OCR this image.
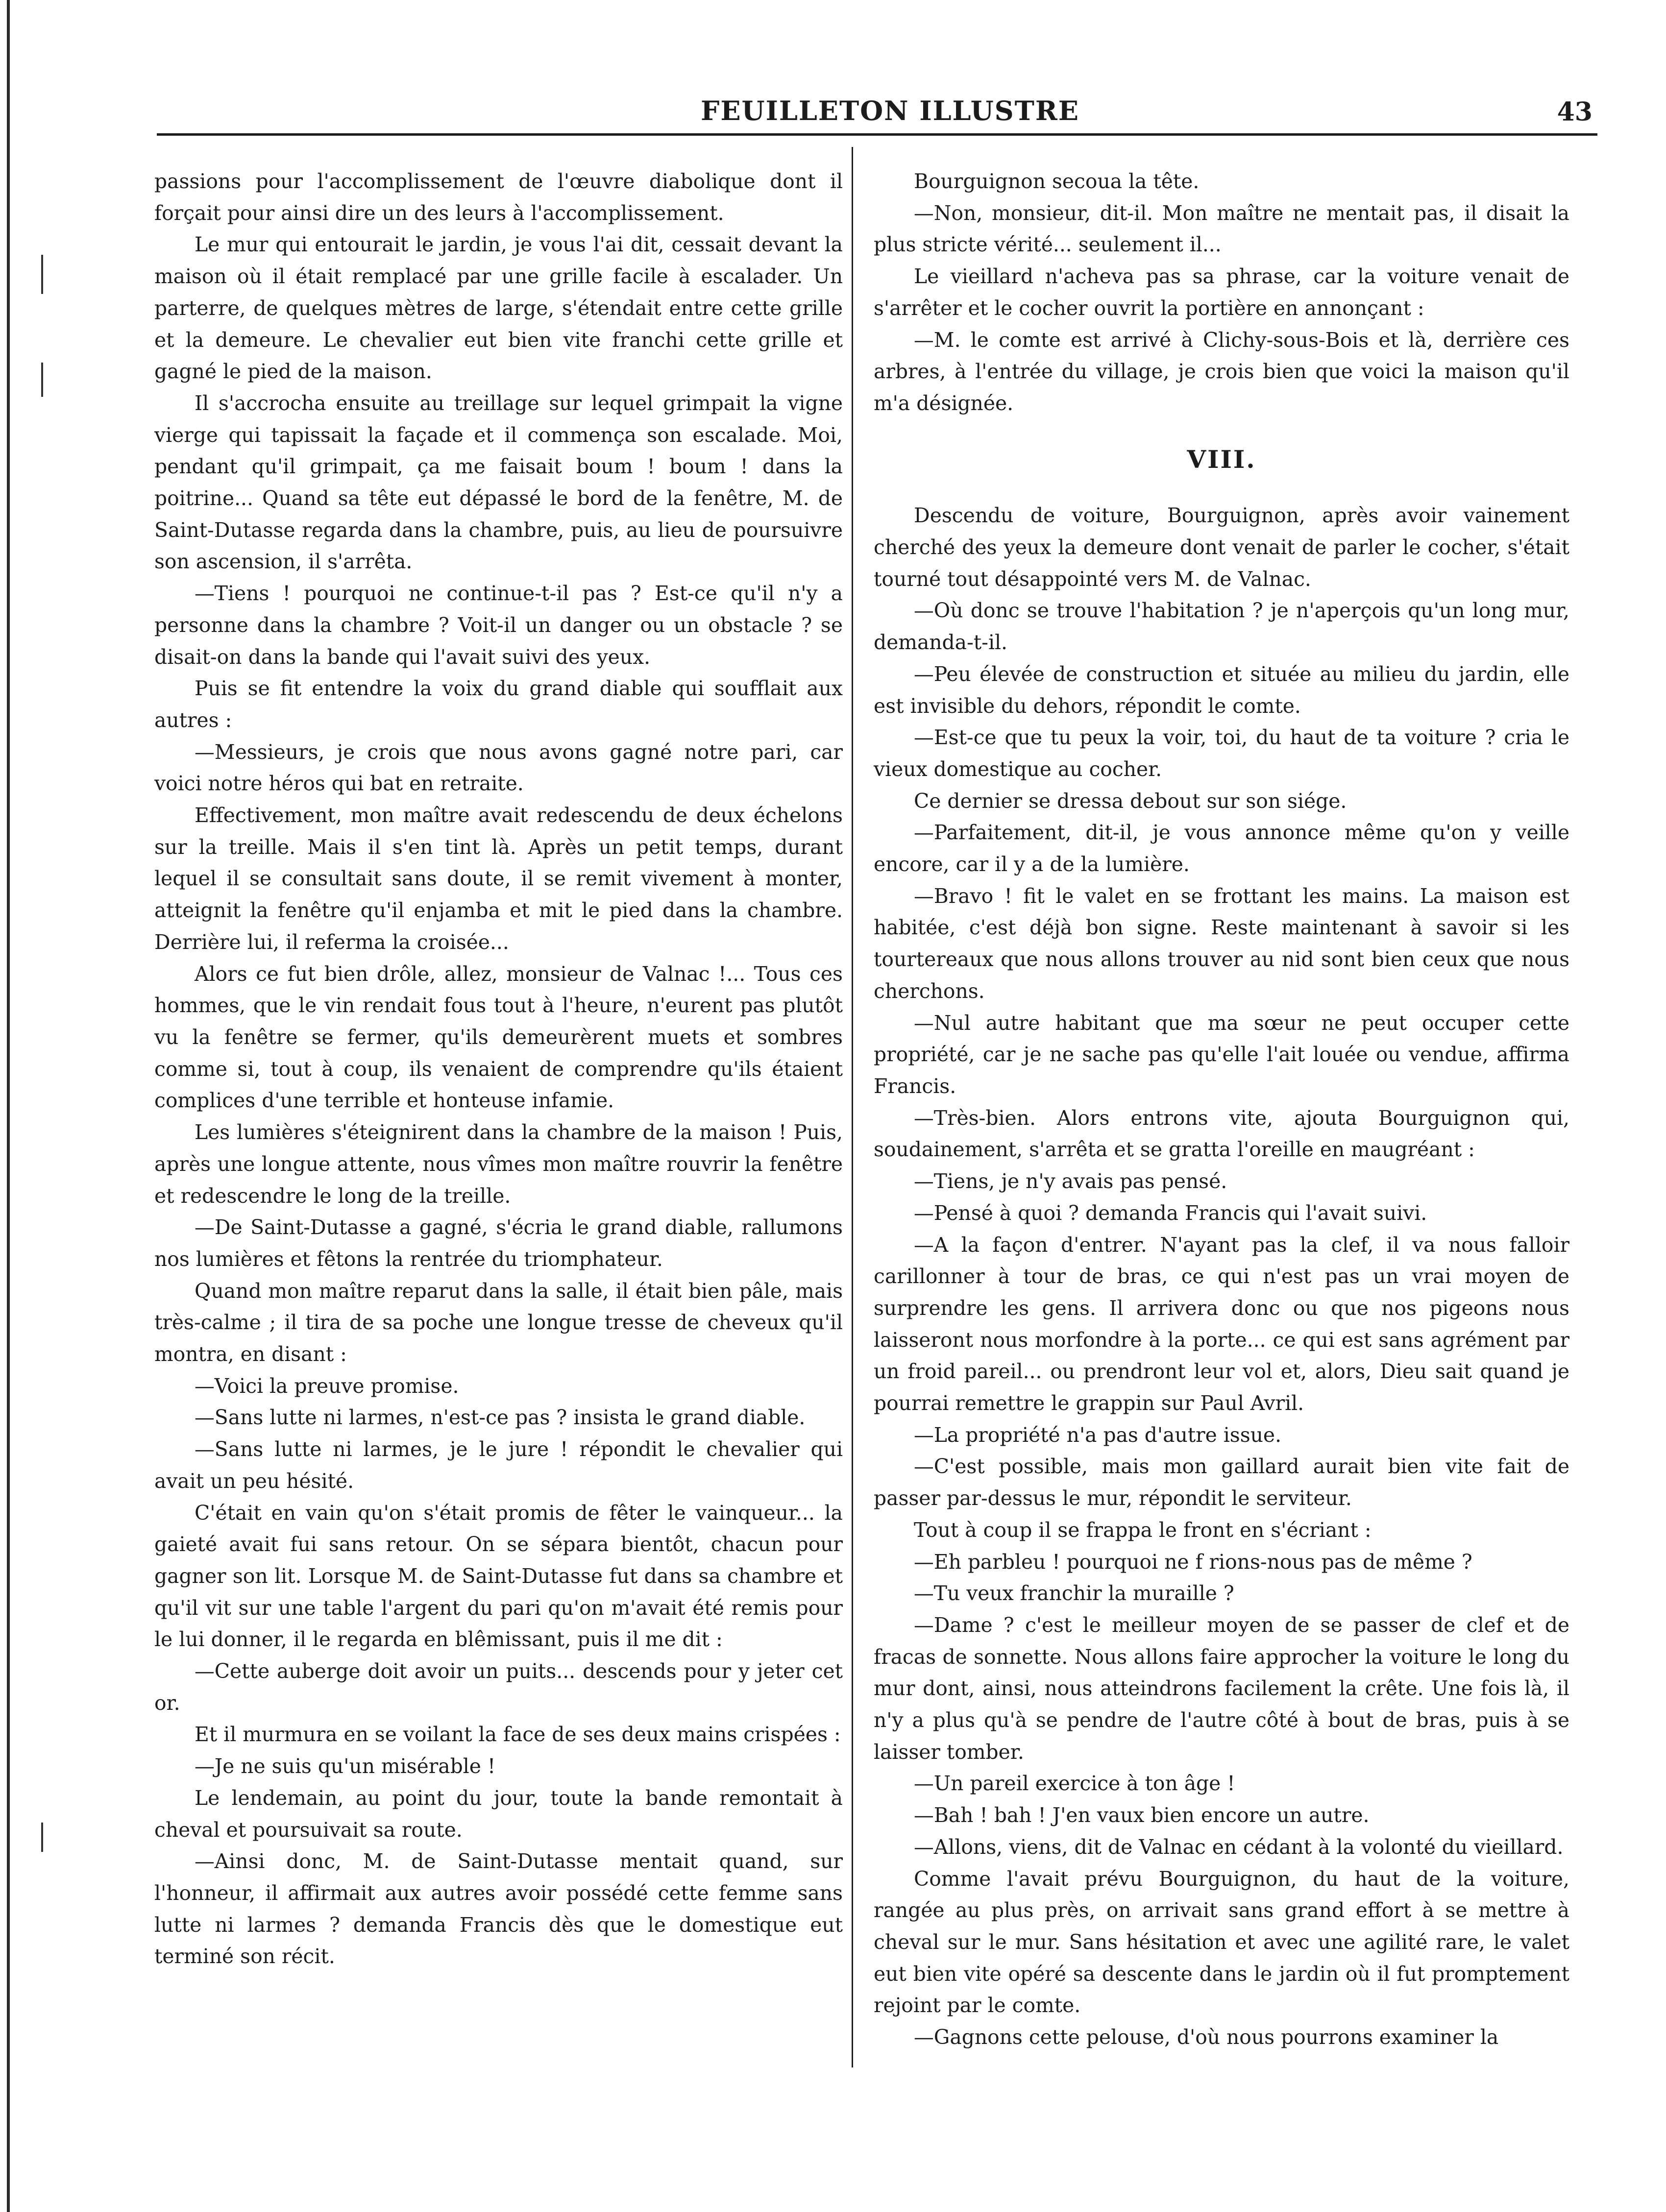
FEUILLETON ILLUSTRE	43

passions pour l'accomplissement de l'œuvre diabolique dont il forçait pour ainsi dire un des leurs à l'accomplissement.

Le mur qui entourait le jardin, je vous l'ai dit, cessait devant la maison où il était remplacé par une grille facile à escalader. Un parterre, de quelques mètres de large, s'étendait entre cette grille et la demeure. Le chevalier eut bien vite franchi cette grille et gagné le pied de la maison.

Il s'accrocha ensuite au treillage sur lequel grimpait la vigne vierge qui tapissait la façade et il commença son escalade. Moi, pendant qu'il grimpait, ça me faisait boum ! boum ! dans la poitrine... Quand sa tête eut dépassé le bord de la fenêtre, M. de Saint-Dutasse regarda dans la chambre, puis, au lieu de poursuivre son ascension, il s'arrêta.

—Tiens ! pourquoi ne continue-t-il pas ? Est-ce qu'il n'y a personne dans la chambre ? Voit-il un danger ou un obstacle ? se disait-on dans la bande qui l'avait suivi des yeux.

Puis se fit entendre la voix du grand diable qui soufflait aux autres :

—Messieurs, je crois que nous avons gagné notre pari, car voici notre héros qui bat en retraite.

Effectivement, mon maître avait redescendu de deux échelons sur la treille. Mais il s'en tint là. Après un petit temps, durant lequel il se consultait sans doute, il se remit vivement à monter, atteignit la fenêtre qu'il enjamba et mit le pied dans la chambre. Derrière lui, il referma la croisée...

Alors ce fut bien drôle, allez, monsieur de Valnac !... Tous ces hommes, que le vin rendait fous tout à l'heure, n'eurent pas plutôt vu la fenêtre se fermer, qu'ils demeurèrent muets et sombres comme si, tout à coup, ils venaient de comprendre qu'ils étaient complices d'une terrible et honteuse infamie.

Les lumières s'éteignirent dans la chambre de la maison ! Puis, après une longue attente, nous vîmes mon maître rouvrir la fenêtre et redescendre le long de la treille.

—De Saint-Dutasse a gagné, s'écria le grand diable, rallumons nos lumières et fêtons la rentrée du triomphateur.

Quand mon maître reparut dans la salle, il était bien pâle, mais très-calme ; il tira de sa poche une longue tresse de cheveux qu'il montra, en disant :

—Voici la preuve promise.

—Sans lutte ni larmes, n'est-ce pas ? insista le grand diable.

—Sans lutte ni larmes, je le jure ! répondit le chevalier qui avait un peu hésité.

C'était en vain qu'on s'était promis de fêter le vainqueur... la gaieté avait fui sans retour. On se sépara bientôt, chacun pour gagner son lit. Lorsque M. de Saint-Dutasse fut dans sa chambre et qu'il vit sur une table l'argent du pari qu'on m'avait été remis pour le lui donner, il le regarda en blêmissant, puis il me dit :

—Cette auberge doit avoir un puits... descends pour y jeter cet or.

Et il murmura en se voilant la face de ses deux mains crispées :

—Je ne suis qu'un misérable !

Le lendemain, au point du jour, toute la bande remontait à cheval et poursuivait sa route.

—Ainsi donc, M. de Saint-Dutasse mentait quand, sur l'honneur, il affirmait aux autres avoir possédé cette femme sans lutte ni larmes ? demanda Francis dès que le domestique eut terminé son récit.

Bourguignon secoua la tête.

—Non, monsieur, dit-il. Mon maître ne mentait pas, il disait la plus stricte vérité... seulement il...

Le vieillard n'acheva pas sa phrase, car la voiture venait de s'arrêter et le cocher ouvrit la portière en annonçant :

—M. le comte est arrivé à Clichy-sous-Bois et là, derrière ces arbres, à l'entrée du village, je crois bien que voici la maison qu'il m'a désignée.

VIII.

Descendu de voiture, Bourguignon, après avoir vainement cherché des yeux la demeure dont venait de parler le cocher, s'était tourné tout désappointé vers M. de Valnac.

—Où donc se trouve l'habitation ? je n'aperçois qu'un long mur, demanda-t-il.

—Peu élevée de construction et située au milieu du jardin, elle est invisible du dehors, répondit le comte.

—Est-ce que tu peux la voir, toi, du haut de ta voiture ? cria le vieux domestique au cocher.

Ce dernier se dressa debout sur son siége.

—Parfaitement, dit-il, je vous annonce même qu'on y veille encore, car il y a de la lumière.

—Bravo ! fit le valet en se frottant les mains. La maison est habitée, c'est déjà bon signe. Reste maintenant à savoir si les tourtereaux que nous allons trouver au nid sont bien ceux que nous cherchons.

—Nul autre habitant que ma sœur ne peut occuper cette propriété, car je ne sache pas qu'elle l'ait louée ou vendue, affirma Francis.

—Très-bien. Alors entrons vite, ajouta Bourguignon qui, soudainement, s'arrêta et se gratta l'oreille en maugréant :

—Tiens, je n'y avais pas pensé.

—Pensé à quoi ? demanda Francis qui l'avait suivi.

—A la façon d'entrer. N'ayant pas la clef, il va nous falloir carillonner à tour de bras, ce qui n'est pas un vrai moyen de surprendre les gens. Il arrivera donc ou que nos pigeons nous laisseront nous morfondre à la porte... ce qui est sans agrément par un froid pareil... ou prendront leur vol et, alors, Dieu sait quand je pourrai remettre le grappin sur Paul Avril.

—La propriété n'a pas d'autre issue.

—C'est possible, mais mon gaillard aurait bien vite fait de passer par-dessus le mur, répondit le serviteur.

Tout à coup il se frappa le front en s'écriant :

—Eh parbleu ! pourquoi ne f rions-nous pas de même ?

—Tu veux franchir la muraille ?

—Dame ? c'est le meilleur moyen de se passer de clef et de fracas de sonnette. Nous allons faire approcher la voiture le long du mur dont, ainsi, nous atteindrons facilement la crête. Une fois là, il n'y a plus qu'à se pendre de l'autre côté à bout de bras, puis à se laisser tomber.

—Un pareil exercice à ton âge !

—Bah ! bah ! J'en vaux bien encore un autre.

—Allons, viens, dit de Valnac en cédant à la volonté du vieillard.

Comme l'avait prévu Bourguignon, du haut de la voiture, rangée au plus près, on arrivait sans grand effort à se mettre à cheval sur le mur. Sans hésitation et avec une agilité rare, le valet eut bien vite opéré sa descente dans le jardin où il fut promptement rejoint par le comte.

—Gagnons cette pelouse, d'où nous pourrons examiner la
